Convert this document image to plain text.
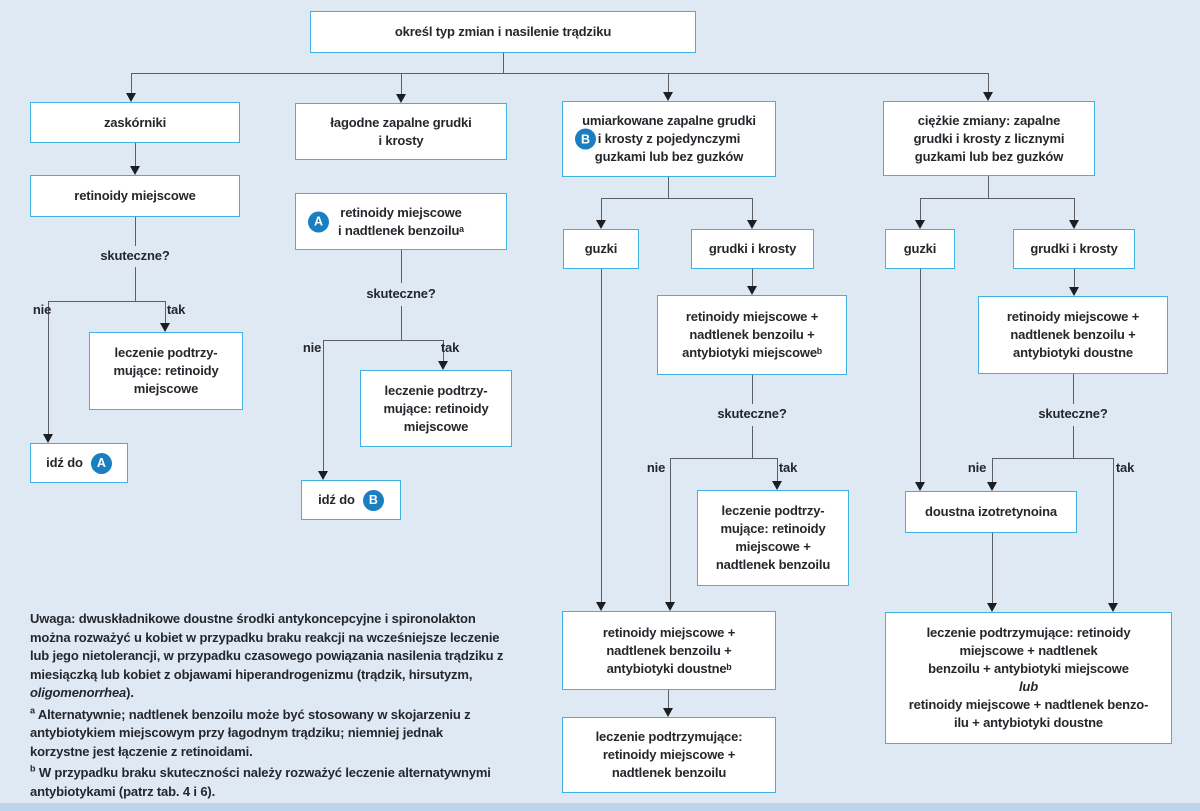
Uwaga: dwuskładnikowe doustne środki antykoncepcyjne i spironolakton można rozważyć u kobiet w przypadku braku reakcji na wcześniejsze leczenie lub jego nietolerancji, w przypadku czasowego powiązania nasilenia trądziku z miesiączką lub kobiet z objawami hiperandrogenizmu (trądzik, hirsutyzm, oligomenorrhea).

$^a$ Alternatywnie; nadtlenek benzoilu może być stosowany w skojarzeniu z antybiotykiem miejscowym przy łagodnym trądziku; niemniej jednak korzystne jest łączenie z retinoidami.

$^b$ W przypadku braku skuteczności należy rozważyć leczenie alternatywnymi antybiotykami (patrz tab. 4 i 6).

określ typ zmian i nasilenie trądziku
zaskórniki
retinoidy miejscowe
leczenie podtrzy-
mujące: retinoidy
miejscowe
idź do	A
łagodne zapalne grudki
i krosty
A
retinoidy miejscowe
i nadtlenek benzoiluᵃ
leczenie podtrzy-
mujące: retinoidy
miejscowe
idź do	B
B
umiarkowane zapalne grudki
i krosty z pojedynczymi
guzkami lub bez guzków
guzki	grudki i krosty
retinoidy miejscowe +
nadtlenek benzoilu +
antybiotyki miejscoweᵇ
leczenie podtrzy-
mujące: retinoidy
miejscowe +
nadtlenek benzoilu
retinoidy miejscowe +
nadtlenek benzoilu +
antybiotyki doustneᵇ
leczenie podtrzymujące:
retinoidy miejscowe +
nadtlenek benzoilu
ciężkie zmiany: zapalne
grudki i krosty z licznymi
guzkami lub bez guzków
guzki	grudki i krosty
retinoidy miejscowe +
nadtlenek benzoilu +
antybiotyki doustne
doustna izotretynoina
leczenie podtrzymujące: retinoidy
miejscowe + nadtlenek
benzoilu + antybiotyki miejscowe
lub
retinoidy miejscowe + nadtlenek benzo-
ilu + antybiotyki doustne
skuteczne?
nie	tak
skuteczne?
nie	tak
skuteczne?
nie	tak
skuteczne?
nie	tak
